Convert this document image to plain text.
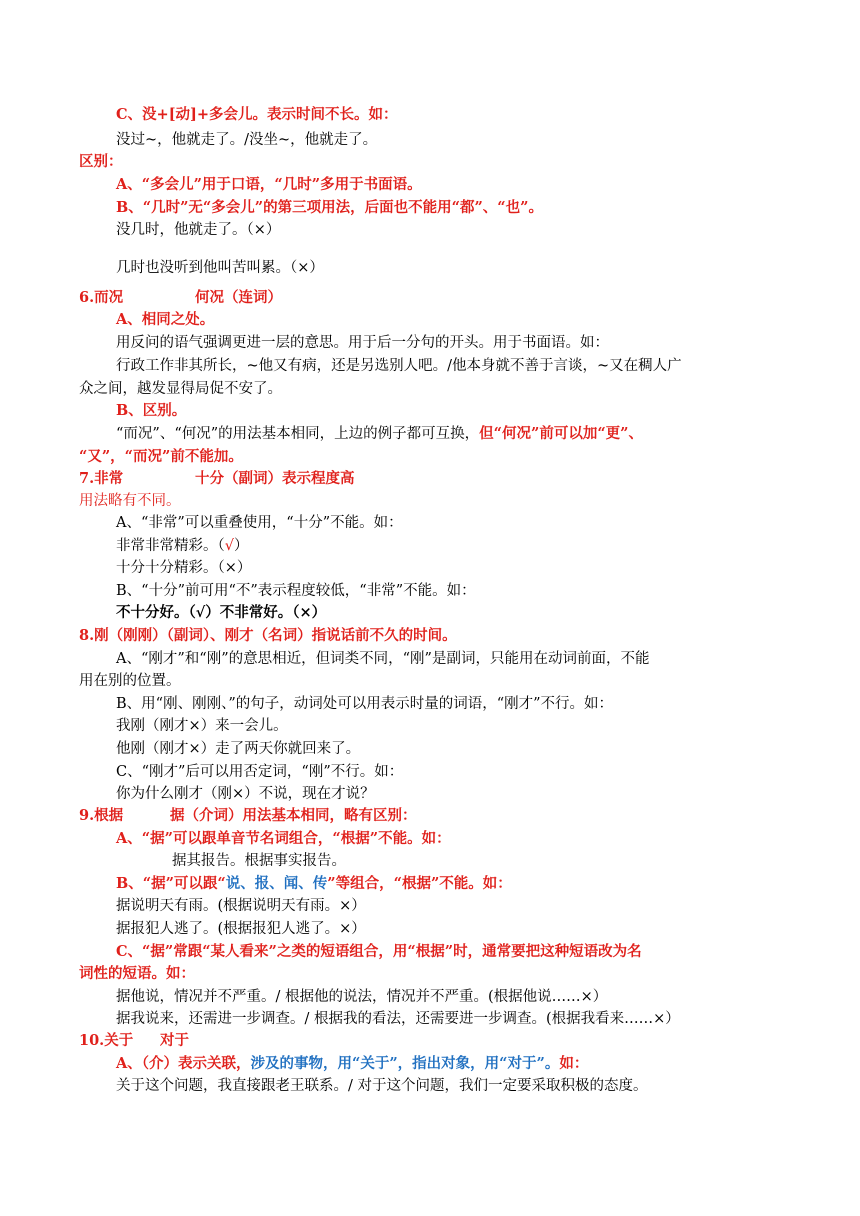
C、没+[动]+多会儿。表示时间不长。如：
没过~，他就走了。/没坐~，他就走了。
区别：
A、“多会儿”用于口语，“几时”多用于书面语。
B、“几时”无“多会儿”的第三项用法，后面也不能用“都”、“也”。
没几时，他就走了。（×）
几时也没听到他叫苦叫累。（×）
6.而况	何况（连词）
A、相同之处。
用反问的语气强调更进一层的意思。用于后一分句的开头。用于书面语。如：
行政工作非其所长，~他又有病，还是另选别人吧。/他本身就不善于言谈，~又在稠人广
众之间，越发显得局促不安了。
B、区别。
“而况”、“何况”的用法基本相同，上边的例子都可互换，但“何况”前可以加“更”、
“又”，“而况”前不能加。
7.非常	十分（副词）表示程度高
用法略有不同。
A、“非常”可以重叠使用，“十分”不能。如：
非常非常精彩。（√）
十分十分精彩。（×）
B、“十分”前可用“不”表示程度较低，“非常”不能。如：
不十分好。（√）不非常好。（×）
8.刚（刚刚）（副词）、刚才（名词）指说话前不久的时间。
A、“刚才”和“刚”的意思相近，但词类不同，“刚”是副词，只能用在动词前面，不能
用在别的位置。
B、用“刚、刚刚、”的句子，动词处可以用表示时量的词语，“刚才”不行。如：
我刚（刚才×）来一会儿。
他刚（刚才×）走了两天你就回来了。
C、“刚才”后可以用否定词，“刚”不行。如：
你为什么刚才（刚×）不说，现在才说？
9.根据	据（介词）用法基本相同，略有区别：
A、“据”可以跟单音节名词组合，“根据”不能。如：
据其报告。根据事实报告。
B、“据”可以跟“说、报、闻、传”等组合，“根据”不能。如：
据说明天有雨。(根据说明天有雨。×）
据报犯人逃了。(根据报犯人逃了。×）
C、“据”常跟“某人看来”之类的短语组合，用“根据”时，通常要把这种短语改为名
词性的短语。如：
据他说，情况并不严重。/ 根据他的说法，情况并不严重。(根据他说……×）
据我说来，还需进一步调查。/ 根据我的看法，还需要进一步调查。(根据我看来……×）
10.关于 对于
A、（介）表示关联，涉及的事物，用“关于”，指出对象，用“对于”。如：
关于这个问题，我直接跟老王联系。/ 对于这个问题，我们一定要采取积极的态度。
